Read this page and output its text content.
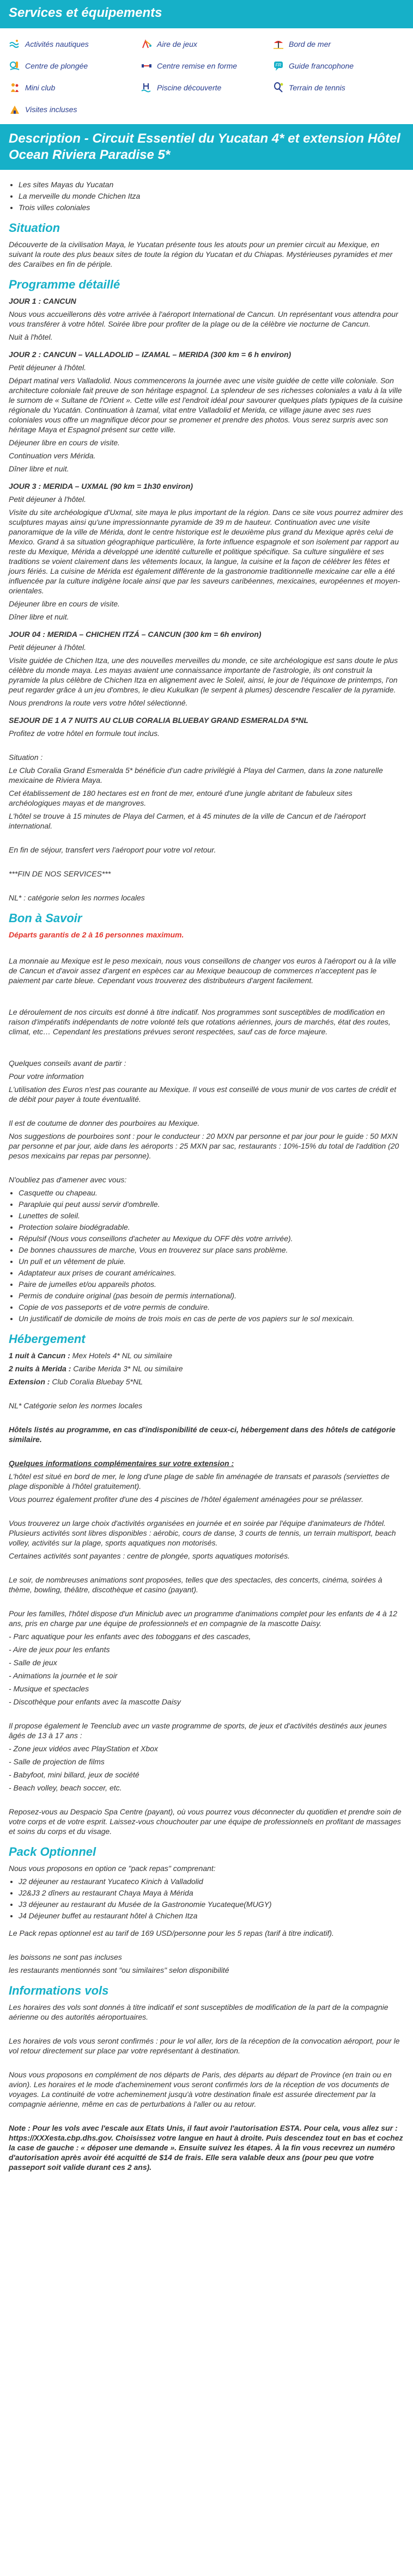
Services et équipements
Activités nautiques	Aire de jeux	Bord de mer
Centre de plongée	Centre remise en forme	FR Guide francophone
Mini club	Piscine découverte	Terrain de tennis
Visites incluses
Description - Circuit Essentiel du Yucatan 4* et extension Hôtel
Ocean Riviera Paradise 5*
• Les sites Mayas du Yucatan
• La merveille du monde Chichen Itza
• Trois villes coloniales
Situation

Découverte de la civilisation Maya, le Yucatan présente tous les atouts pour un premier circuit au Mexique, en suivant la route des plus beaux sites de toute la région du Yucatan et du Chiapas. Mystérieuses pyramides et mer des Caraïbes en fin de périple.

Programme détaillé
JOUR 1 : CANCUN

Nous vous accueillerons dès votre arrivée à l'aéroport International de Cancun. Un représentant vous attendra pour vous transférer à votre hôtel. Soirée libre pour profiter de la plage ou de la célèbre vie nocturne de Cancun.

Nuit à l'hôtel.

JOUR 2 : CANCUN – VALLADOLID – IZAMAL – MERIDA (300 km = 6 h environ)

Petit déjeuner à l'hôtel.

Départ matinal vers Valladolid. Nous commencerons la journée avec une visite guidée de cette ville coloniale. Son architecture coloniale fait preuve de son héritage espagnol. La splendeur de ses richesses coloniales a valu à la ville le surnom de « Sultane de l'Orient ». Cette ville est l'endroit idéal pour savourer quelques plats typiques de la cuisine régionale du Yucatán. Continuation à Izamal, vitat entre Valladolid et Merida, ce village jaune avec ses rues coloniales vous offre un magnifique décor pour se promener et prendre des photos. Vous serez surpris avec son héritage Maya et Espagnol présent sur cette ville.

Déjeuner libre en cours de visite.

Continuation vers Mérida.

Dîner libre et nuit.

JOUR 3 : MERIDA – UXMAL (90 km = 1h30 environ)

Petit déjeuner à l'hôtel.

Visite du site archéologique d'Uxmal, site maya le plus important de la région. Dans ce site vous pourrez admirer des sculptures mayas ainsi qu'une impressionnante pyramide de 39 m de hauteur. Continuation avec une visite panoramique de la ville de Mérida, dont le centre historique est le deuxième plus grand du Mexique après celui de Mexico. Grand à sa situation géographique particulière, la forte influence espagnole et son isolement par rapport au reste du Mexique, Mérida a développé une identité culturelle et politique spécifique. Sa culture singulière et ses traditions se voient clairement dans les vêtements locaux, la langue, la cuisine et la façon de célébrer les fêtes et jours fériés. La cuisine de Mérida est également différente de la gastronomie traditionnelle mexicaine car elle a été influencée par la culture indigène locale ainsi que par les saveurs caribéennes, mexicaines, européennes et moyen-orientales.

Déjeuner libre en cours de visite.

Dîner libre et nuit.

JOUR 04 : MERIDA – CHICHEN ITZÁ – CANCUN (300 km = 6h environ)

Petit déjeuner à l'hôtel.

Visite guidée de Chichen Itza, une des nouvelles merveilles du monde, ce site archéologique est sans doute le plus célèbre du monde maya. Les mayas avaient une connaissance importante de l'astrologie, ils ont construit la pyramide la plus célèbre de Chichen Itza en alignement avec le Soleil, ainsi, le jour de l'équinoxe de printemps, l'on peut regarder grâce à un jeu d'ombres, le dieu Kukulkan (le serpent à plumes) descendre l'escalier de la pyramide.

Nous prendrons la route vers votre hôtel sélectionné.

SEJOUR DE 1 A 7 NUITS AU CLUB CORALIA BLUEBAY GRAND ESMERALDA 5*NL

Profitez de votre hôtel en formule tout inclus.

Situation :

Le Club Coralia Grand Esmeralda 5* bénéficie d'un cadre privilégié à Playa del Carmen, dans la zone naturelle mexicaine de Riviera Maya.

Cet établissement de 180 hectares est en front de mer, entouré d'une jungle abritant de fabuleux sites archéologiques mayas et de mangroves.

L'hôtel se trouve à 15 minutes de Playa del Carmen, et à 45 minutes de la ville de Cancun et de l'aéroport international.

En fin de séjour, transfert vers l'aéroport pour votre vol retour.

***FIN DE NOS SERVICES***

NL* : catégorie selon les normes locales

Bon à Savoir
Départs garantis de 2 à 16 personnes maximum.

La monnaie au Mexique est le peso mexicain, nous vous conseillons de changer vos euros à l'aéroport ou à la ville de Cancun et d'avoir assez d'argent en espèces car au Mexique beaucoup de commerces n'acceptent pas le paiement par carte bleue. Cependant vous trouverez des distributeurs d'argent facilement.

Le déroulement de nos circuits est donné à titre indicatif. Nos programmes sont susceptibles de modification en raison d'impératifs indépendants de notre volonté tels que rotations aériennes, jours de marchés, état des routes, climat, etc… Cependant les prestations prévues seront respectées, sauf cas de force majeure.

Quelques conseils avant de partir :

Pour votre information

L'utilisation des Euros n'est pas courante au Mexique. Il vous est conseillé de vous munir de vos cartes de crédit et de débit pour payer à toute éventualité.

Il est de coutume de donner des pourboires au Mexique.

Nos suggestions de pourboires sont : pour le conducteur : 20 MXN par personne et par jour pour le guide : 50 MXN par personne et par jour, aide dans les aéroports : 25 MXN par sac, restaurants : 10%-15% du total de l'addition (20 pesos mexicains par repas par personne).

N'oubliez pas d'amener avec vous:

• Casquette ou chapeau.
• Parapluie qui peut aussi servir d'ombrelle.
• Lunettes de soleil.
• Protection solaire biodégradable.
• Répulsif (Nous vous conseillons d'acheter au Mexique du OFF dès votre arrivée).
• De bonnes chaussures de marche, Vous en trouverez sur place sans problème.
• Un pull et un vêtement de pluie.
• Adaptateur aux prises de courant américaines.
• Paire de jumelles et/ou appareils photos.
• Permis de conduire original (pas besoin de permis international).
• Copie de vos passeports et de votre permis de conduire.
• Un justificatif de domicile de moins de trois mois en cas de perte de vos papiers sur le sol mexicain.
Hébergement

1 nuit à Cancun : Mex Hotels 4* NL ou similaire

2 nuits à Merida : Caribe Merida 3* NL ou similaire

Extension : Club Coralia Bluebay 5*NL

NL* Catégorie selon les normes locales

Hôtels listés au programme, en cas d'indisponibilité de ceux-ci, hébergement dans des hôtels de catégorie similaire.

Quelques informations complémentaires sur votre extension :

L'hôtel est situé en bord de mer, le long d'une plage de sable fin aménagée de transats et parasols (serviettes de plage disponible à l'hôtel gratuitement).

Vous pourrez également profiter d'une des 4 piscines de l'hôtel également aménagées pour se prélasser.

Vous trouverez un large choix d'activités organisées en journée et en soirée par l'équipe d'animateurs de l'hôtel. Plusieurs activités sont libres disponibles : aérobic, cours de danse, 3 courts de tennis, un terrain multisport, beach volley, activités sur la plage, sports aquatiques non motorisés.

Certaines activités sont payantes : centre de plongée, sports aquatiques motorisés.

Le soir, de nombreuses animations sont proposées, telles que des spectacles, des concerts, cinéma, soirées à thème, bowling, théâtre, discothèque et casino (payant).

Pour les familles, l'hôtel dispose d'un Miniclub avec un programme d'animations complet pour les enfants de 4 à 12 ans, pris en charge par une équipe de professionnels et en compagnie de la mascotte Daisy.

- Parc aquatique pour les enfants avec des toboggans et des cascades,

- Aire de jeux pour les enfants

- Salle de jeux

- Animations la journée et le soir

- Musique et spectacles

- Discothèque pour enfants avec la mascotte Daisy

Il propose également le Teenclub avec un vaste programme de sports, de jeux et d'activités destinés aux jeunes âgés de 13 à 17 ans :

- Zone jeux vidéos avec PlayStation et Xbox

- Salle de projection de films

- Babyfoot, mini billard, jeux de société

- Beach volley, beach soccer, etc.

Reposez-vous au Despacio Spa Centre (payant), où vous pourrez vous déconnecter du quotidien et prendre soin de votre corps et de votre esprit. Laissez-vous chouchouter par une équipe de professionnels en profitant de massages et soins du corps et du visage.

Pack Optionnel

Nous vous proposons en option ce "pack repas" comprenant:

• J2 déjeuner au restaurant Yucateco Kinich à Valladolid
• J2&J3 2 dîners au restaurant Chaya Maya à Mérida
• J3 déjeuner au restaurant du Musée de la Gastronomie Yucateque(MUGY)
• J4 Déjeuner buffet au restaurant hôtel à Chichen Itza

Le Pack repas optionnel est au tarif de 169 USD/personne pour les 5 repas (tarif à titre indicatif).

les boissons ne sont pas incluses

les restaurants mentionnés sont "ou similaires" selon disponibilité

Informations vols

Les horaires des vols sont donnés à titre indicatif et sont susceptibles de modification de la part de la compagnie aérienne ou des autorités aéroportuaires.

Les horaires de vols vous seront confirmés : pour le vol aller, lors de la réception de la convocation aéroport, pour le vol retour directement sur place par votre représentant à destination.

Nous vous proposons en complément de nos départs de Paris, des départs au départ de Province (en train ou en avion). Les horaires et le mode d'acheminement vous seront confirmés lors de la réception de vos documents de voyages. La continuité de votre acheminement jusqu'à votre destination finale est assurée directement par la compagnie aérienne, même en cas de perturbations à l'aller ou au retour.

Note : Pour les vols avec l'escale aux Etats Unis, il faut avoir l'autorisation ESTA. Pour cela, vous allez sur : https://XXXesta.cbp.dhs.gov. Choisissez votre langue en haut à droite. Puis descendez tout en bas et cochez la case de gauche : « déposer une demande ». Ensuite suivez les étapes. À la fin vous recevrez un numéro d'autorisation après avoir été acquitté de $14 de frais. Elle sera valable deux ans (pour peu que votre passeport soit valide durant ces 2 ans).
